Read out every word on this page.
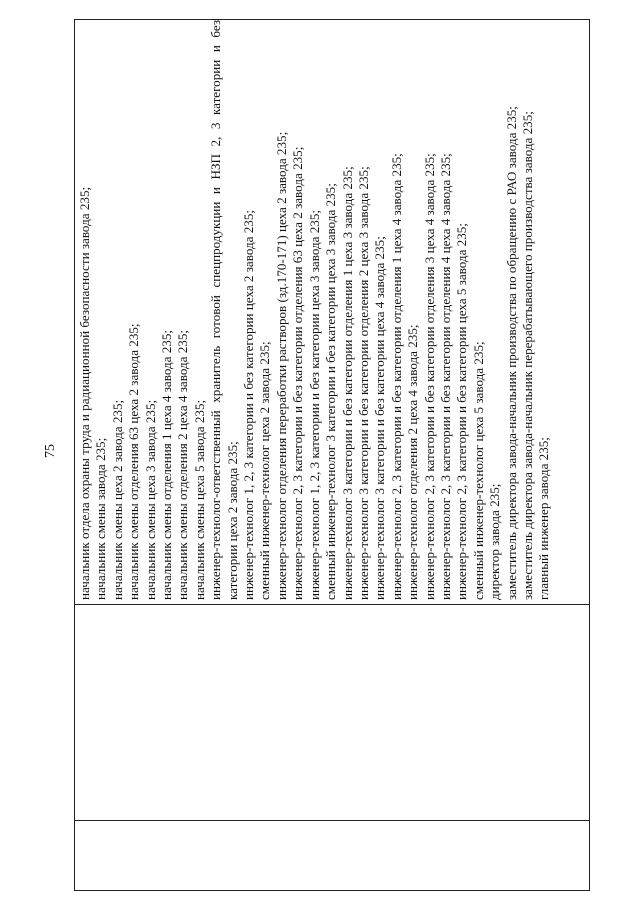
75 начальник отдела охраны труда и радиационной безопасности завода 235; начальник смены завода 235; начальник смены цеха 2 завода 235; начальник смены отделения 63 цеха 2 завода 235; начальник смены цеха 3 завода 235; начальник смены отделения 1 цеха 4 завода 235; начальник смены отделения 2 цеха 4 завода 235; начальник смены цеха 5 завода 235; инженер-технолог-ответственный хранитель готовой спецпродукции и НЗП 2, 3 категории и без категории цеха 2 завода 235; инженер-технолог 1, 2, 3 категории и без категории цеха 2 завода 235; сменный инженер-технолог цеха 2 завода 235; инженер-технолог отделения переработки растворов (зд.170-171) цеха 2 завода 235; инженер-технолог 2, 3 категории и без категории отделения 63 цеха 2 завода 235; инженер-технолог 1, 2, 3 категории и без категории цеха 3 завода 235; сменный инженер-технолог 3 категории и без категории цеха 3 завода 235; инженер-технолог 3 категории и без категории отделения 1 цеха 3 завода 235; инженер-технолог 3 категории и без категории отделения 2 цеха 3 завода 235; инженер-технолог 3 категории и без категории цеха 4 завода 235; инженер-технолог 2, 3 категории и без категории отделения 1 цеха 4 завода 235; инженер-технолог отделения 2 цеха 4 завода 235; инженер-технолог 2, 3 категории и без категории отделения 3 цеха 4 завода 235; инженер-технолог 2, 3 категории и без категории отделения 4 цеха 4 завода 235; инженер-технолог 2, 3 категории и без категории цеха 5 завода 235; сменный инженер-технолог цеха 5 завода 235; директор завода 235; заместитель директора завода-начальник производства по обращению с РАО завода 235; заместитель директора завода-начальник перерабатывающего производства завода 235; главный инженер завода 235;
